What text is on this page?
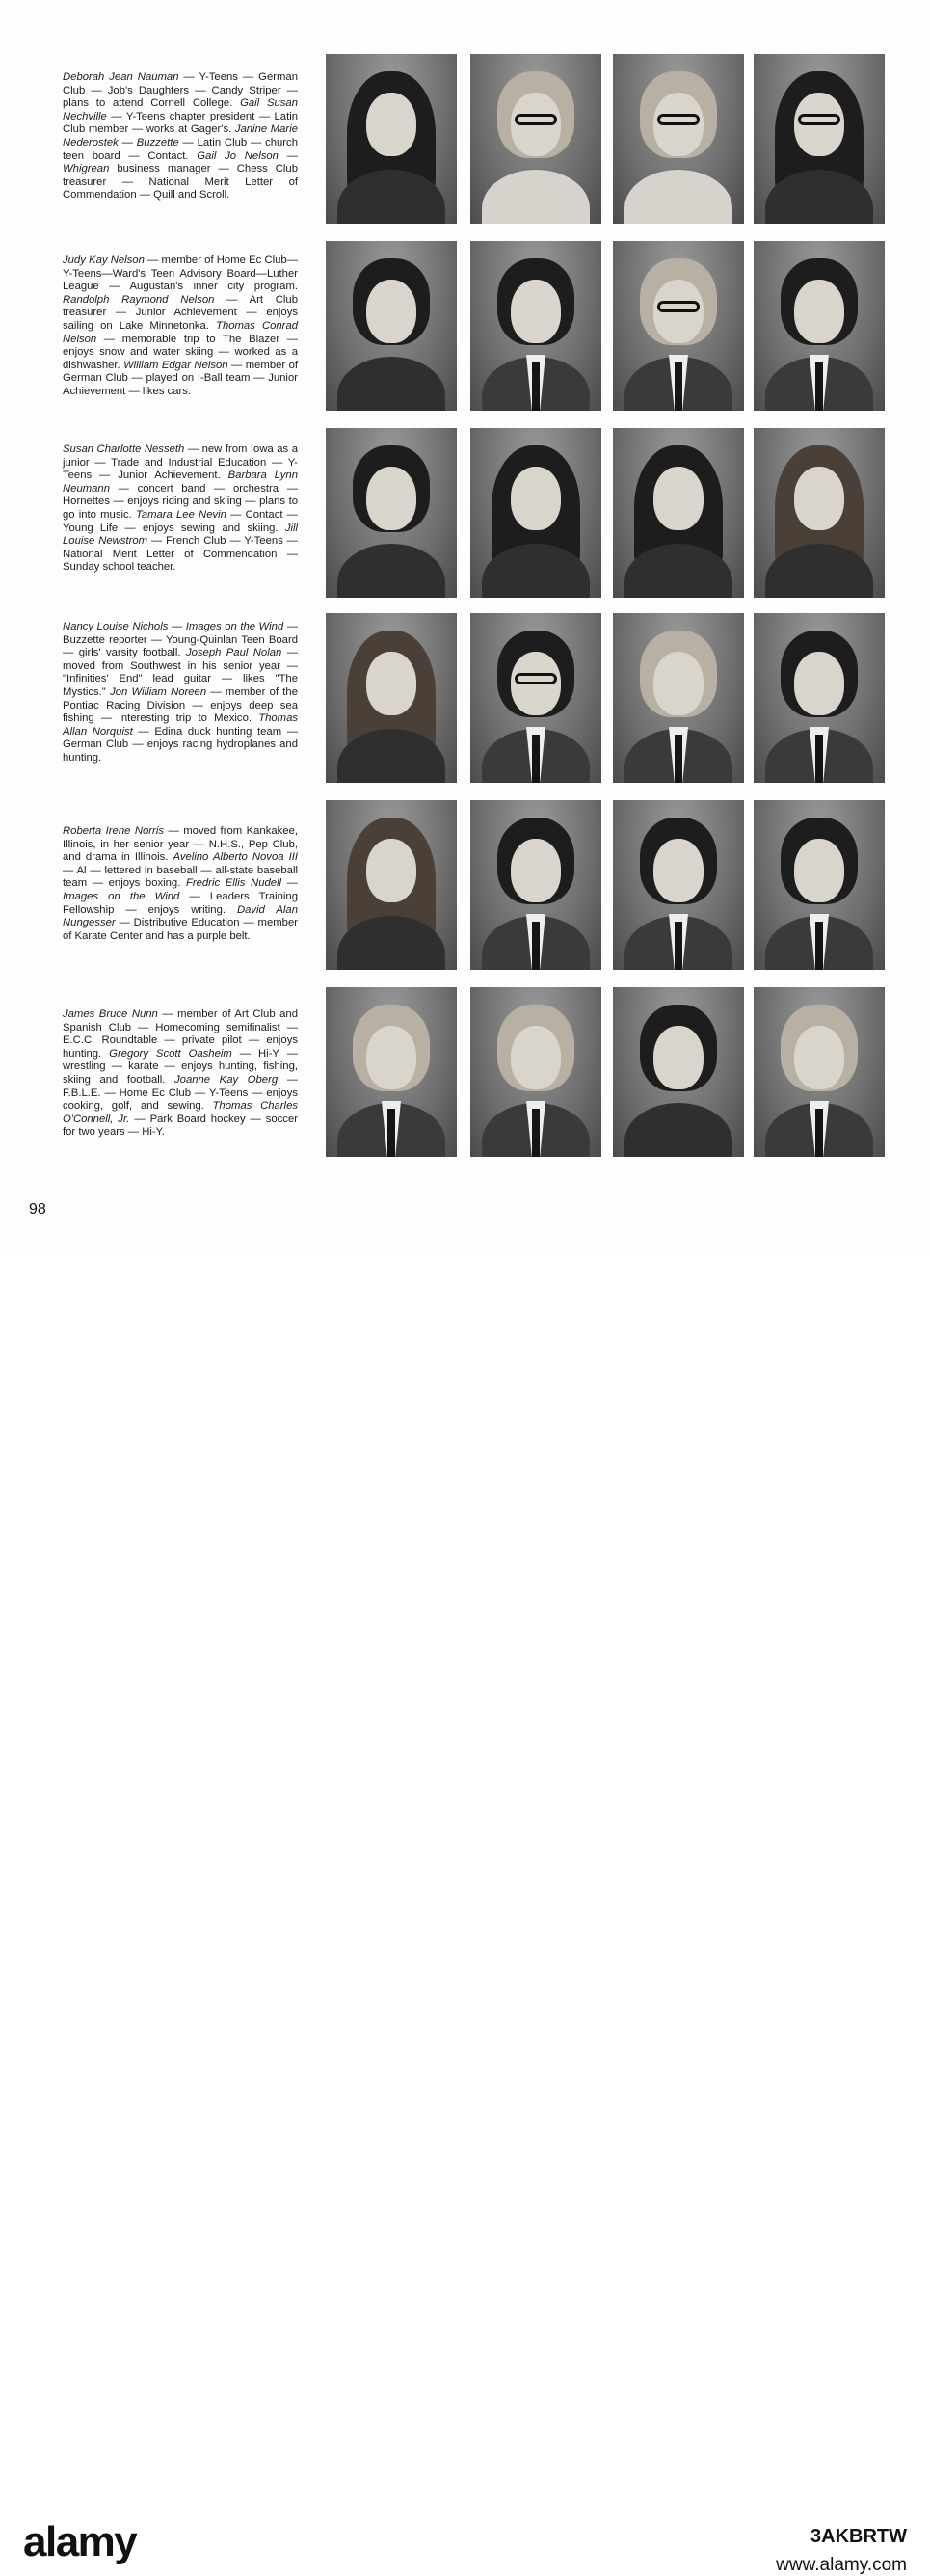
Deborah Jean Nauman — Y-Teens — German Club — Job's Daughters — Candy Striper — plans to attend Cornell College. Gail Susan Nechville — Y-Teens chapter president — Latin Club member — works at Gager's. Janine Marie Nederostek — Buzzette — Latin Club — church teen board — Contact. Gail Jo Nelson — Whigrean business manager — Chess Club treasurer — National Merit Letter of Commendation — Quill and Scroll.

Judy Kay Nelson — member of Home Ec Club—Y-Teens—Ward's Teen Advisory Board—Luther League — Augustan's inner city program. Randolph Raymond Nelson — Art Club treasurer — Junior Achievement — enjoys sailing on Lake Minnetonka. Thomas Conrad Nelson — memorable trip to The Blazer — enjoys snow and water skiing — worked as a dishwasher. William Edgar Nelson — member of German Club — played on I-Ball team — Junior Achievement — likes cars.

Susan Charlotte Nesseth — new from Iowa as a junior — Trade and Industrial Education — Y-Teens — Junior Achievement. Barbara Lynn Neumann — concert band — orchestra — Hornettes — enjoys riding and skiing — plans to go into music. Tamara Lee Nevin — Contact — Young Life — enjoys sewing and skiing. Jill Louise Newstrom — French Club — Y-Teens — National Merit Letter of Commendation — Sunday school teacher.

Nancy Louise Nichols — Images on the Wind — Buzzette reporter — Young-Quinlan Teen Board — girls' varsity football. Joseph Paul Nolan — moved from Southwest in his senior year — "Infinities' End" lead guitar — likes "The Mystics." Jon William Noreen — member of the Pontiac Racing Division — enjoys deep sea fishing — interesting trip to Mexico. Thomas Allan Norquist — Edina duck hunting team — German Club — enjoys racing hydroplanes and hunting.

Roberta Irene Norris — moved from Kankakee, Illinois, in her senior year — N.H.S., Pep Club, and drama in Illinois. Avelino Alberto Novoa III — Al — lettered in baseball — all-state baseball team — enjoys boxing. Fredric Ellis Nudell — Images on the Wind — Leaders Training Fellowship — enjoys writing. David Alan Nungesser — Distributive Education — member of Karate Center and has a purple belt.

James Bruce Nunn — member of Art Club and Spanish Club — Homecoming semifinalist — E.C.C. Roundtable — private pilot — enjoys hunting. Gregory Scott Oasheim — Hi-Y — wrestling — karate — enjoys hunting, fishing, skiing and football. Joanne Kay Oberg — F.B.L.E. — Home Ec Club — Y-Teens — enjoys cooking, golf, and sewing. Thomas Charles O'Connell, Jr. — Park Board hockey — soccer for two years — Hi-Y.

98
alamy	3AKBRTW
www.alamy.com
